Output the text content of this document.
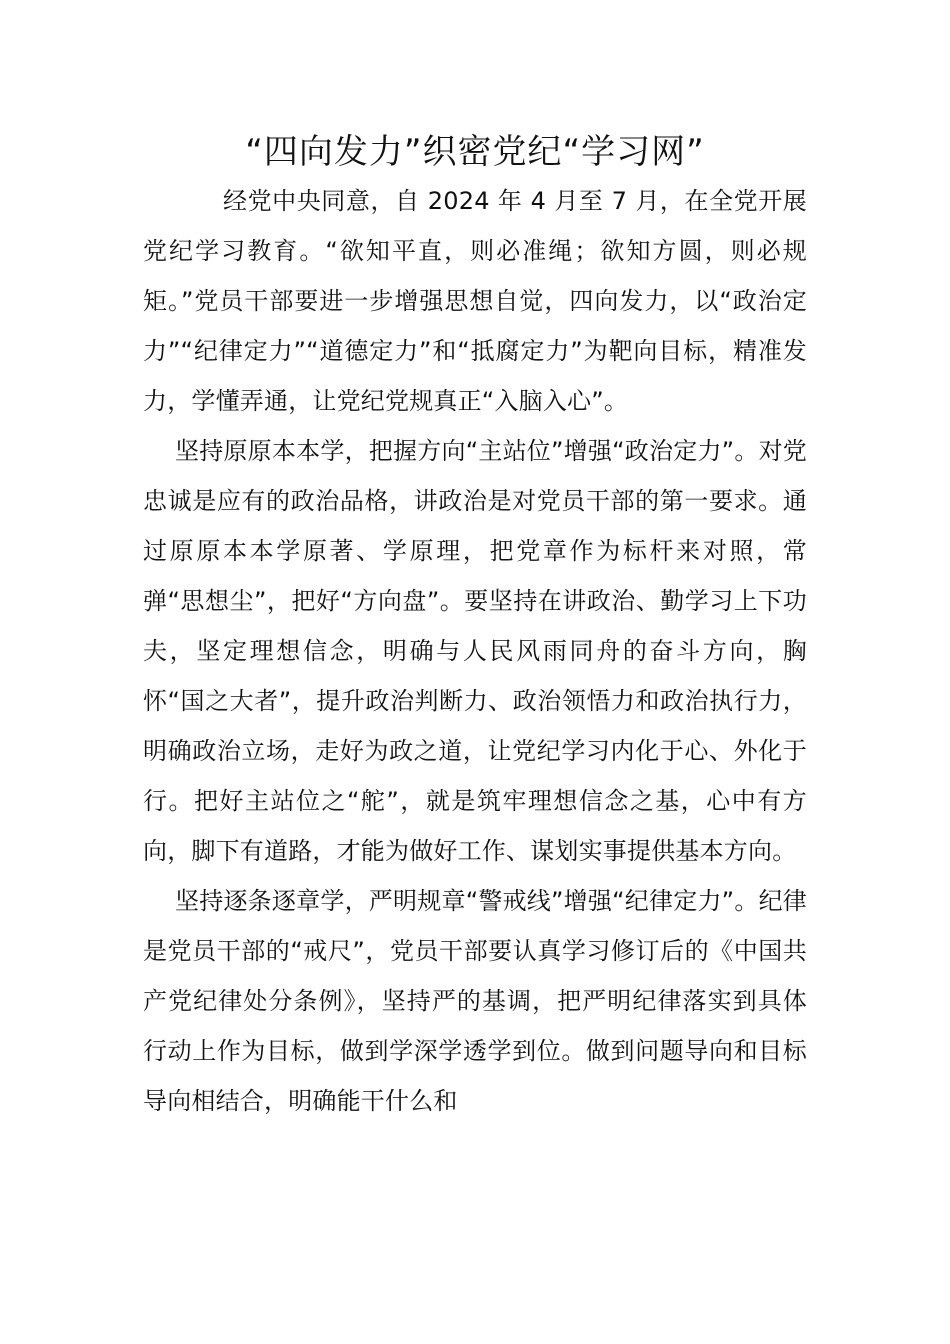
“四向发力”织密党纪“学习网”

经党中央同意，自 2024 年 4 月至 7 月，在全党开展党纪学习教育。“欲知平直，则必准绳；欲知方圆，则必规矩。”党员干部要进一步增强思想自觉，四向发力，以“政治定力”“纪律定力”“道德定力”和“抵腐定力”为靶向目标，精准发力，学懂弄通，让党纪党规真正“入脑入心”。

坚持原原本本学，把握方向“主站位”增强“政治定力”。对党忠诚是应有的政治品格，讲政治是对党员干部的第一要求。通过原原本本学原著、学原理，把党章作为标杆来对照，常弹“思想尘”，把好“方向盘”。要坚持在讲政治、勤学习上下功夫，坚定理想信念，明确与人民风雨同舟的奋斗方向，胸怀“国之大者”，提升政治判断力、政治领悟力和政治执行力，明确政治立场，走好为政之道，让党纪学习内化于心、外化于行。把好主站位之“舵”，就是筑牢理想信念之基，心中有方向，脚下有道路，才能为做好工作、谋划实事提供基本方向。

坚持逐条逐章学，严明规章“警戒线”增强“纪律定力”。纪律是党员干部的“戒尺”，党员干部要认真学习修订后的《中国共产党纪律处分条例》，坚持严的基调，把严明纪律落实到具体行动上作为目标，做到学深学透学到位。做到问题导向和目标导向相结合，明确能干什么和
